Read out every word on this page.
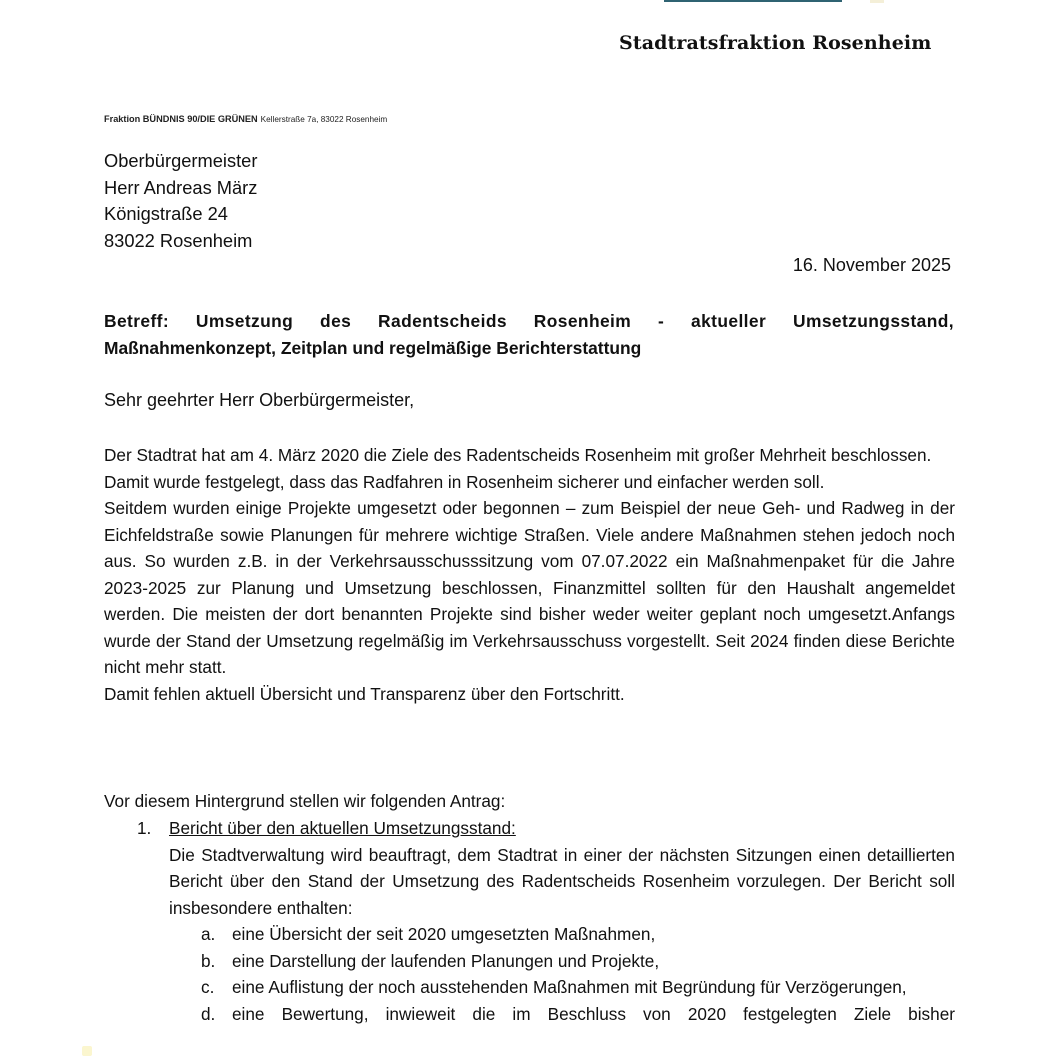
Stadtratsfraktion Rosenheim
Fraktion BÜNDNIS 90/DIE GRÜNEN Kellerstraße 7a, 83022 Rosenheim
Oberbürgermeister
Herr Andreas März
Königstraße 24
83022 Rosenheim
16. November 2025
Betreff: Umsetzung des Radentscheids Rosenheim - aktueller Umsetzungsstand,
Maßnahmenkonzept, Zeitplan und regelmäßige Berichterstattung
Sehr geehrter Herr Oberbürgermeister,

Der Stadtrat hat am 4. März 2020 die Ziele des Radentscheids Rosenheim mit großer Mehrheit beschlossen.

Damit wurde festgelegt, dass das Radfahren in Rosenheim sicherer und einfacher werden soll.

Seitdem wurden einige Projekte umgesetzt oder begonnen – zum Beispiel der neue Geh- und Radweg in der Eichfeldstraße sowie Planungen für mehrere wichtige Straßen. Viele andere Maßnahmen stehen jedoch noch aus. So wurden z.B. in der Verkehrsausschusssitzung vom 07.07.2022 ein Maßnahmenpaket für die Jahre 2023-2025 zur Planung und Umsetzung beschlossen, Finanzmittel sollten für den Haushalt angemeldet werden. Die meisten der dort benannten Projekte sind bisher weder weiter geplant noch umgesetzt.Anfangs wurde der Stand der Umsetzung regelmäßig im Verkehrsausschuss vorgestellt. Seit 2024 finden diese Berichte nicht mehr statt.

Damit fehlen aktuell Übersicht und Transparenz über den Fortschritt.

Vor diesem Hintergrund stellen wir folgenden Antrag:
1. Bericht über den aktuellen Umsetzungsstand:
Die Stadtverwaltung wird beauftragt, dem Stadtrat in einer der nächsten Sitzungen einen detaillierten Bericht über den Stand der Umsetzung des Radentscheids Rosenheim vorzulegen. Der Bericht soll insbesondere enthalten:
a. eine Übersicht der seit 2020 umgesetzten Maßnahmen,
b. eine Darstellung der laufenden Planungen und Projekte,
c. eine Auflistung der noch ausstehenden Maßnahmen mit Begründung für Verzögerungen,
d. eine Bewertung, inwieweit die im Beschluss von 2020 festgelegten Ziele bisher
